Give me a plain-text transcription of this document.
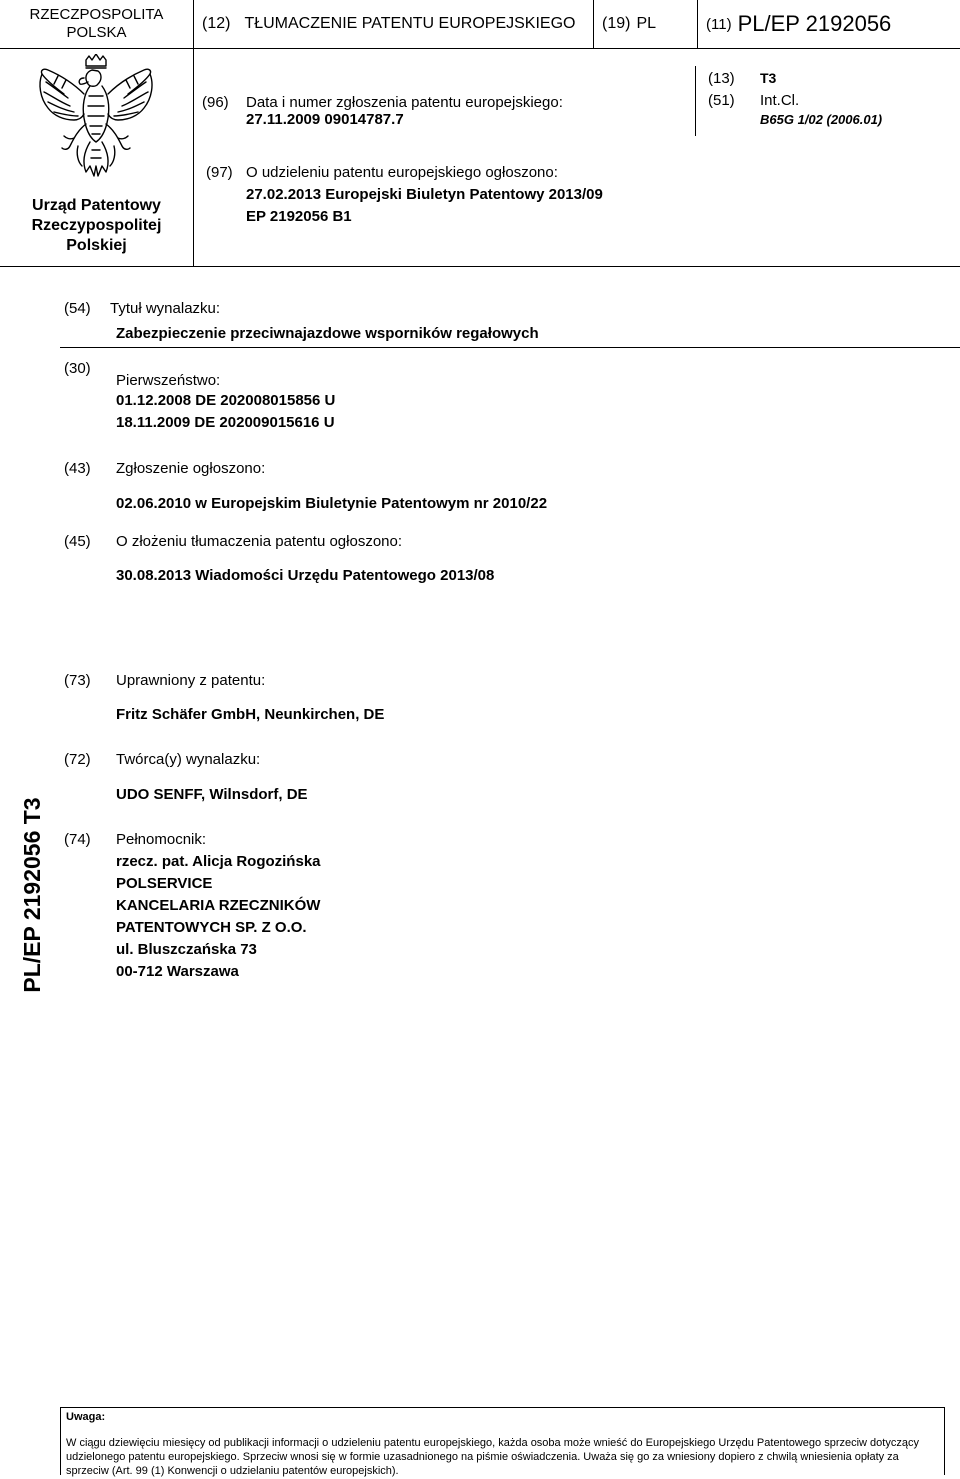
RZECZPOSPOLITA
POLSKA
(12) TŁUMACZENIE PATENTU EUROPEJSKIEGO (19) PL	(11) PL/EP 2192056
Urząd Patentowy
Rzeczypospolitej
Polskiej
(96) Data i numer zgłoszenia patentu europejskiego:
27.11.2009 09014787.7
(13) T3
(51) Int.Cl.
B65G 1/02 (2006.01)
(97) O udzieleniu patentu europejskiego ogłoszono:
27.02.2013 Europejski Biuletyn Patentowy 2013/09
EP 2192056 B1
(54) Tytuł wynalazku:
Zabezpieczenie przeciwnajazdowe wsporników regałowych
(30)
Pierwszeństwo:
01.12.2008 DE 202008015856 U
18.11.2009 DE 202009015616 U
(43) Zgłoszenie ogłoszono:
02.06.2010 w Europejskim Biuletynie Patentowym nr 2010/22
(45) O złożeniu tłumaczenia patentu ogłoszono:
30.08.2013 Wiadomości Urzędu Patentowego 2013/08
(73) Uprawniony z patentu:
Fritz Schäfer GmbH, Neunkirchen, DE
(72) Twórca(y) wynalazku:
UDO SENFF, Wilnsdorf, DE
(74) Pełnomocnik:
rzecz. pat. Alicja Rogozińska
POLSERVICE
KANCELARIA RZECZNIKÓW
PATENTOWYCH SP. Z O.O.
ul. Bluszczańska 73
00-712 Warszawa
PL/EP 2192056 T3
Uwaga:
W ciągu dziewięciu miesięcy od publikacji informacji o udzieleniu patentu europejskiego, każda osoba może wnieść do Europejskiego Urzędu Patentowego sprzeciw dotyczący udzielonego patentu europejskiego. Sprzeciw wnosi się w formie uzasadnionego na piśmie oświadczenia. Uważa się go za wniesiony dopiero z chwilą wniesienia opłaty za sprzeciw (Art. 99 (1) Konwencji o udzielaniu patentów europejskich).
